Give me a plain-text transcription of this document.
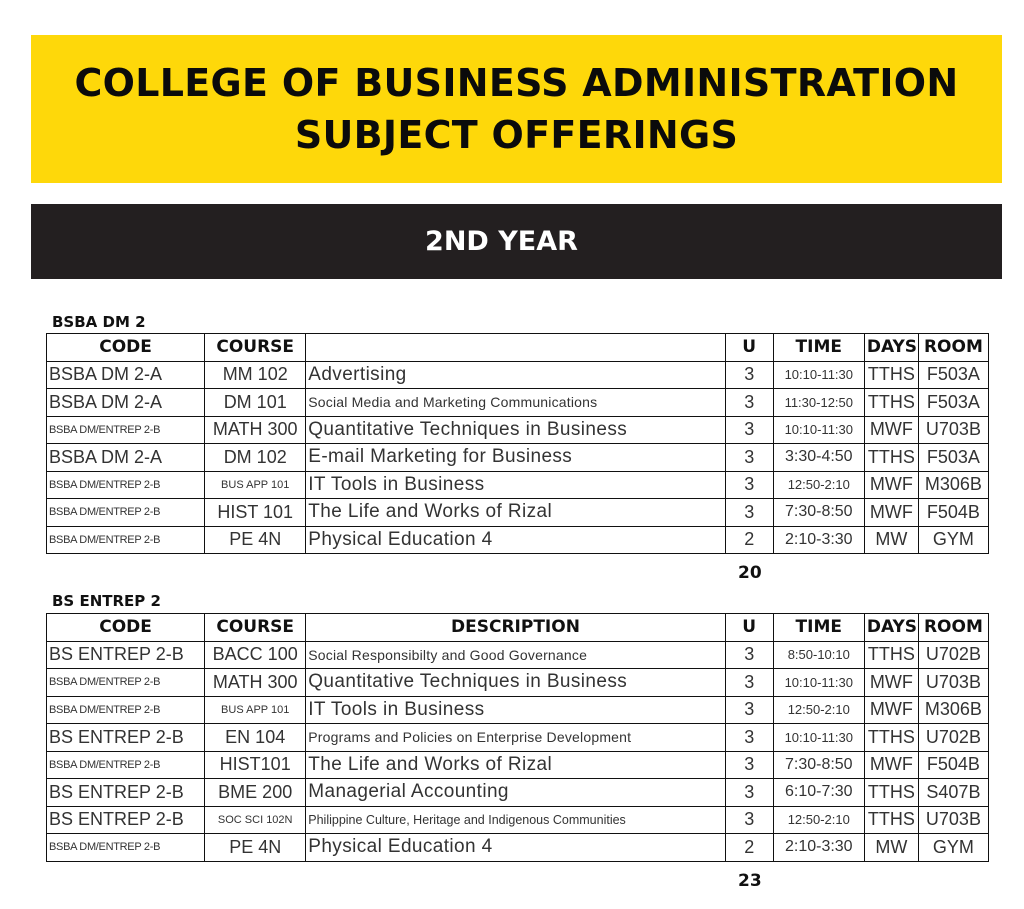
COLLEGE OF BUSINESS ADMINISTRATION
SUBJECT OFFERINGS
2ND YEAR
BSBA DM 2
CODE	COURSE		U	TIME	DAYS	ROOM
BSBA DM 2-A	MM 102	Advertising	3	10:10-11:30	TTHS	F503A
BSBA DM 2-A	DM 101	Social Media and Marketing Communications	3	11:30-12:50	TTHS	F503A
BSBA DM/ENTREP 2-B	MATH 300	Quantitative Techniques in Business	3	10:10-11:30	MWF	U703B
BSBA DM 2-A	DM 102	E-mail Marketing for Business	3	3:30-4:50	TTHS	F503A
BSBA DM/ENTREP 2-B	BUS APP 101	IT Tools in Business	3	12:50-2:10	MWF	M306B
BSBA DM/ENTREP 2-B	HIST 101	The Life and Works of Rizal	3	7:30-8:50	MWF	F504B
BSBA DM/ENTREP 2-B	PE 4N	Physical Education 4	2	2:10-3:30	MW	GYM
20
BS ENTREP 2
CODE	COURSE	DESCRIPTION	U	TIME	DAYS	ROOM
BS ENTREP 2-B	BACC 100	Social Responsibilty and Good Governance	3	8:50-10:10	TTHS	U702B
BSBA DM/ENTREP 2-B	MATH 300	Quantitative Techniques in Business	3	10:10-11:30	MWF	U703B
BSBA DM/ENTREP 2-B	BUS APP 101	IT Tools in Business	3	12:50-2:10	MWF	M306B
BS ENTREP 2-B	EN 104	Programs and Policies on Enterprise Development	3	10:10-11:30	TTHS	U702B
BSBA DM/ENTREP 2-B	HIST101	The Life and Works of Rizal	3	7:30-8:50	MWF	F504B
BS ENTREP 2-B	BME 200	Managerial Accounting	3	6:10-7:30	TTHS	S407B
BS ENTREP 2-B	SOC SCI 102N	Philippine Culture, Heritage and Indigenous Communities	3	12:50-2:10	TTHS	U703B
BSBA DM/ENTREP 2-B	PE 4N	Physical Education 4	2	2:10-3:30	MW	GYM
23
